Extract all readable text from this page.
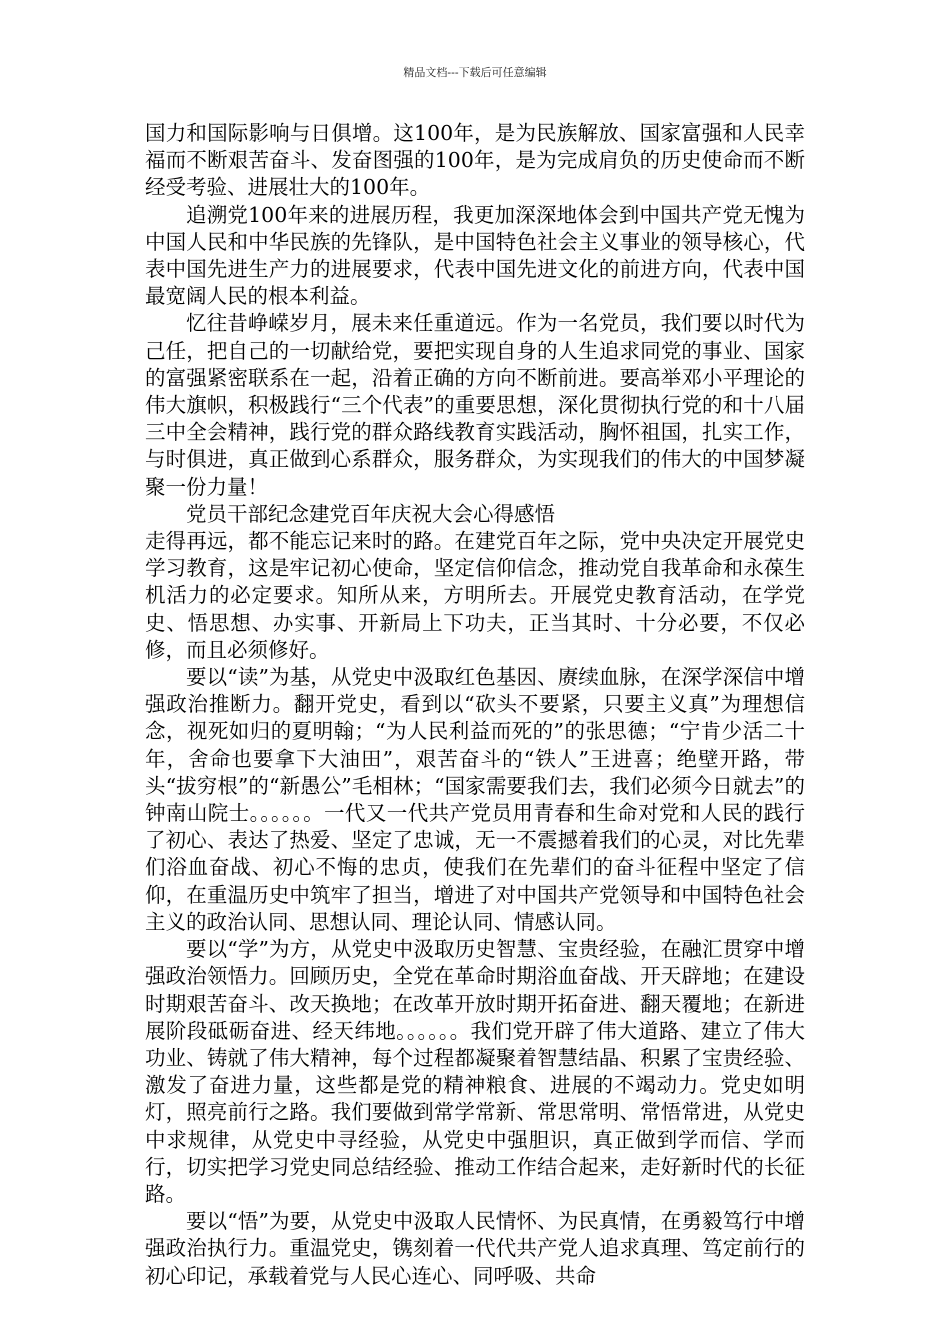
精品文档---下载后可任意编辑

国力和国际影响与日俱增。这100年，是为民族解放、国家富强和人民幸福而不断艰苦奋斗、发奋图强的100年，是为完成肩负的历史使命而不断经受考验、进展壮大的100年。

追溯党100年来的进展历程，我更加深深地体会到中国共产党无愧为中国人民和中华民族的先锋队，是中国特色社会主义事业的领导核心，代表中国先进生产力的进展要求，代表中国先进文化的前进方向，代表中国最宽阔人民的根本利益。

忆往昔峥嵘岁月，展未来任重道远。作为一名党员，我们要以时代为己任，把自己的一切献给党，要把实现自身的人生追求同党的事业、国家的富强紧密联系在一起，沿着正确的方向不断前进。要高举邓小平理论的伟大旗帜，积极践行“三个代表”的重要思想，深化贯彻执行党的和十八届三中全会精神，践行党的群众路线教育实践活动，胸怀祖国，扎实工作，与时俱进，真正做到心系群众，服务群众，为实现我们的伟大的中国梦凝聚一份力量！

党员干部纪念建党百年庆祝大会心得感悟

走得再远，都不能忘记来时的路。在建党百年之际，党中央决定开展党史学习教育，这是牢记初心使命，坚定信仰信念，推动党自我革命和永葆生机活力的必定要求。知所从来，方明所去。开展党史教育活动，在学党史、悟思想、办实事、开新局上下功夫，正当其时、十分必要，不仅必修，而且必须修好。

要以“读”为基，从党史中汲取红色基因、赓续血脉，在深学深信中增强政治推断力。翻开党史，看到以“砍头不要紧，只要主义真”为理想信念，视死如归的夏明翰；“为人民利益而死的”的张思德；“宁肯少活二十年，舍命也要拿下大油田”，艰苦奋斗的“铁人”王进喜；绝壁开路，带头“拔穷根”的“新愚公”毛相林；“国家需要我们去，我们必须今日就去”的钟南山院士。。。。。。一代又一代共产党员用青春和生命对党和人民的践行了初心、表达了热爱、坚定了忠诚，无一不震撼着我们的心灵，对比先辈们浴血奋战、初心不悔的忠贞，使我们在先辈们的奋斗征程中坚定了信仰，在重温历史中筑牢了担当，增进了对中国共产党领导和中国特色社会主义的政治认同、思想认同、理论认同、情感认同。

要以“学”为方，从党史中汲取历史智慧、宝贵经验，在融汇贯穿中增强政治领悟力。回顾历史，全党在革命时期浴血奋战、开天辟地；在建设时期艰苦奋斗、改天换地；在改革开放时期开拓奋进、翻天覆地；在新进展阶段砥砺奋进、经天纬地。。。。。。我们党开辟了伟大道路、建立了伟大功业、铸就了伟大精神，每个过程都凝聚着智慧结晶、积累了宝贵经验、激发了奋进力量，这些都是党的精神粮食、进展的不竭动力。党史如明灯，照亮前行之路。我们要做到常学常新、常思常明、常悟常进，从党史中求规律，从党史中寻经验，从党史中强胆识，真正做到学而信、学而行，切实把学习党史同总结经验、推动工作结合起来，走好新时代的长征路。

要以“悟”为要，从党史中汲取人民情怀、为民真情，在勇毅笃行中增强政治执行力。重温党史，镌刻着一代代共产党人追求真理、笃定前行的初心印记，承载着党与人民心连心、同呼吸、共命
